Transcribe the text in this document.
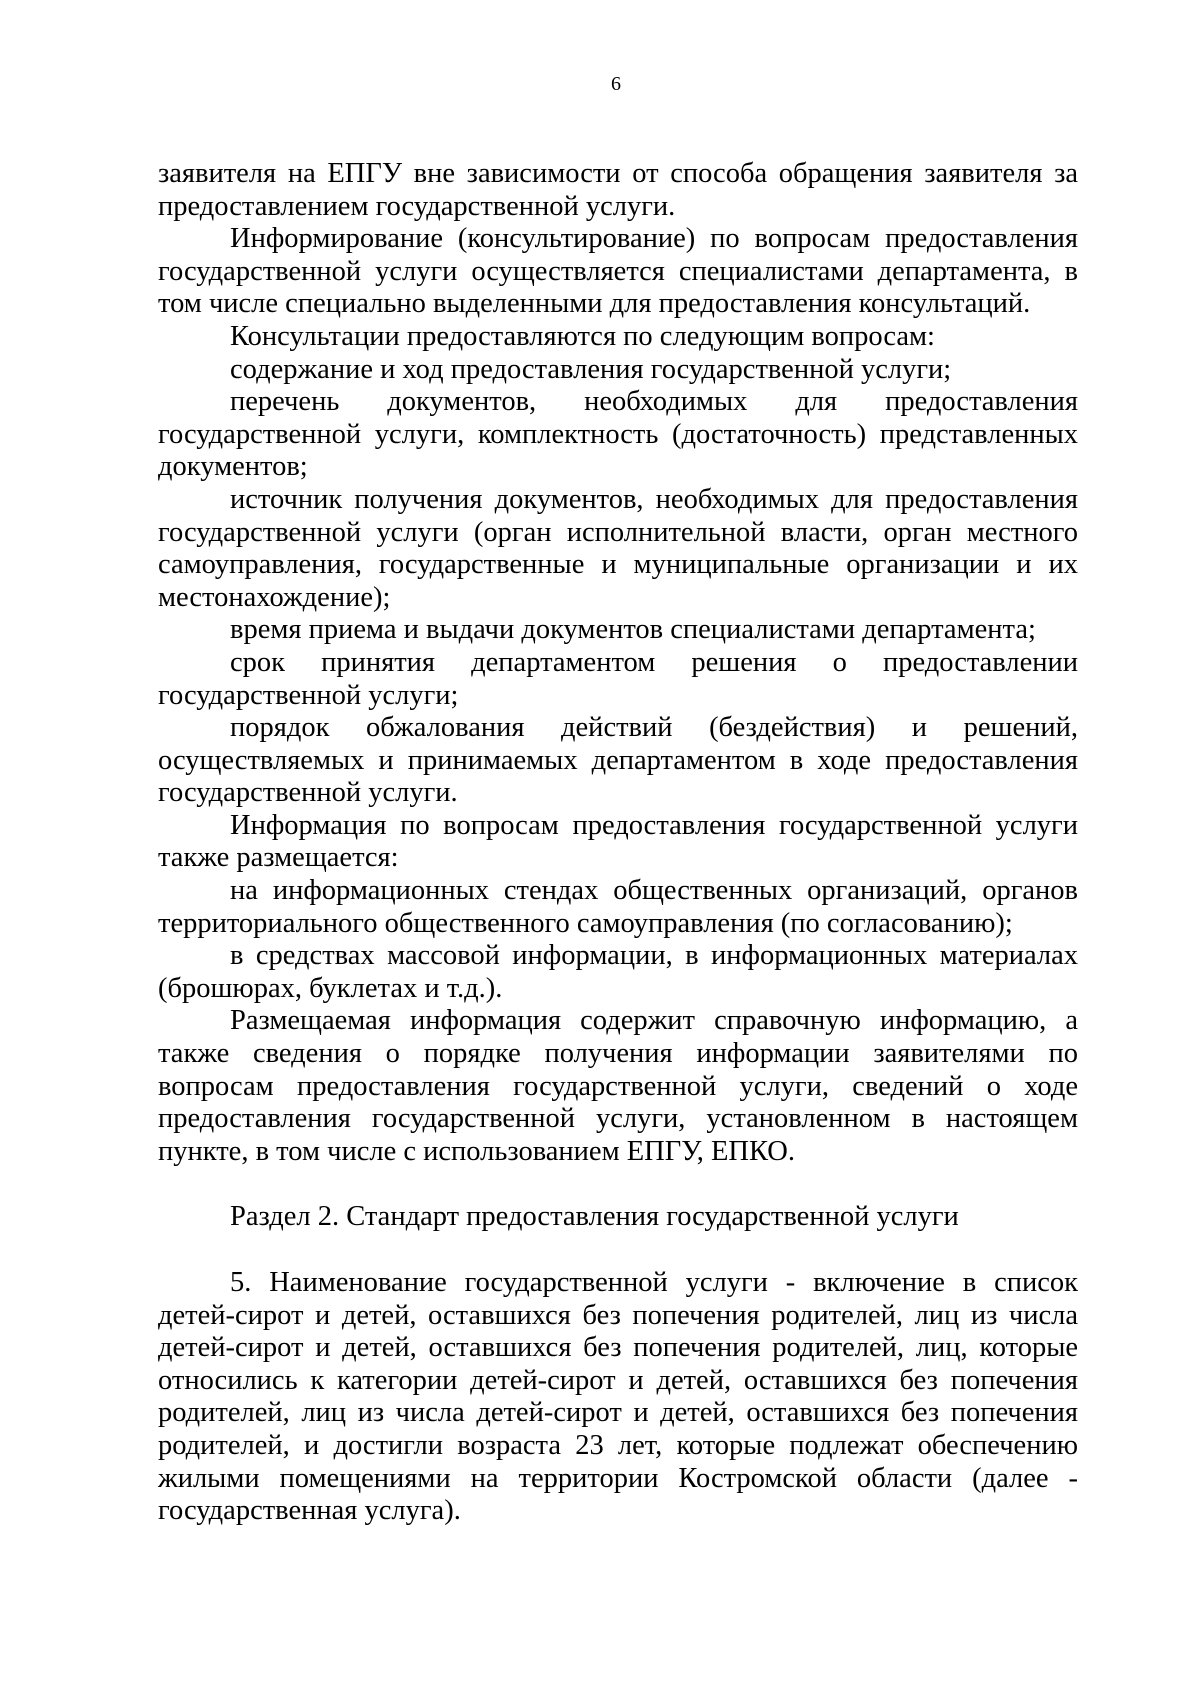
6

заявителя на ЕПГУ вне зависимости от способа обращения заявителя за предоставлением государственной услуги.

Информирование (консультирование) по вопросам предоставления государственной услуги осуществляется специалистами департамента, в том числе специально выделенными для предоставления консультаций.

Консультации предоставляются по следующим вопросам:

содержание и ход предоставления государственной услуги;

перечень документов, необходимых для предоставления государственной услуги, комплектность (достаточность) представленных документов;

источник получения документов, необходимых для предоставления государственной услуги (орган исполнительной власти, орган местного самоуправления, государственные и муниципальные организации и их местонахождение);

время приема и выдачи документов специалистами департамента;

срок принятия департаментом решения о предоставлении государственной услуги;

порядок обжалования действий (бездействия) и решений, осуществляемых и принимаемых департаментом в ходе предоставления государственной услуги.

Информация по вопросам предоставления государственной услуги также размещается:

на информационных стендах общественных организаций, органов территориального общественного самоуправления (по согласованию);

в средствах массовой информации, в информационных материалах (брошюрах, буклетах и т.д.).

Размещаемая информация содержит справочную информацию, а также сведения о порядке получения информации заявителями по вопросам предоставления государственной услуги, сведений о ходе предоставления государственной услуги, установленном в настоящем пункте, в том числе с использованием ЕПГУ, ЕПКО.

Раздел 2. Стандарт предоставления государственной услуги

5. Наименование государственной услуги - включение в список детей-сирот и детей, оставшихся без попечения родителей, лиц из числа детей-сирот и детей, оставшихся без попечения родителей, лиц, которые относились к категории детей-сирот и детей, оставшихся без попечения родителей, лиц из числа детей-сирот и детей, оставшихся без попечения родителей, и достигли возраста 23 лет, которые подлежат обеспечению жилыми помещениями на территории Костромской области (далее - государственная услуга).
